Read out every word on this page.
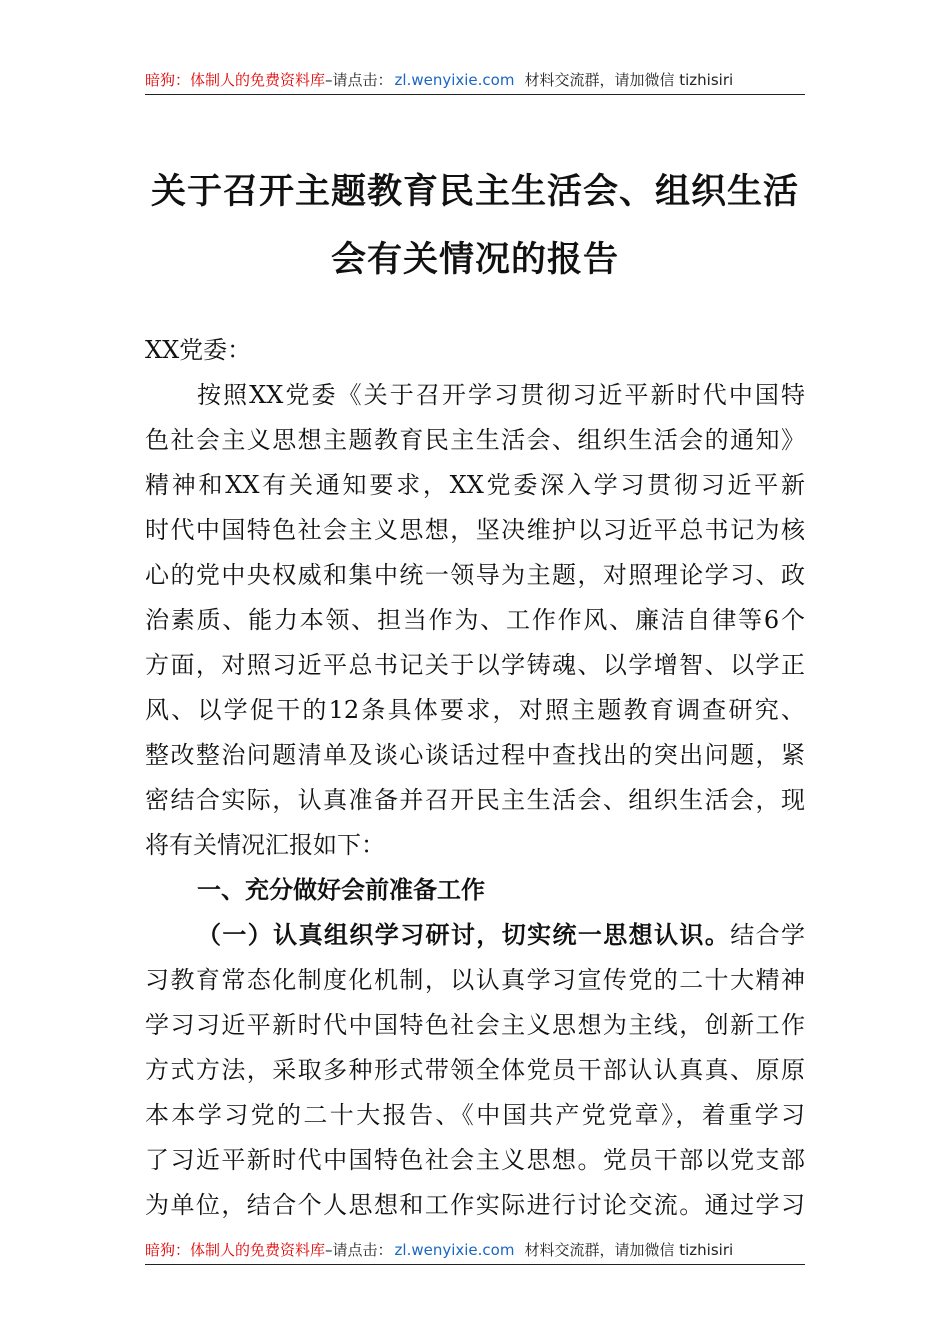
暗狗：体制人的免费资料库 –请点击： zl.wenyixie.com 材料交流群，请加微信 tizhisiri
关于召开主题教育民主生活会、组织生活
会有关情况的报告

XX党委：

按照XX党委《关于召开学习贯彻习近平新时代中国特

色社会主义思想主题教育民主生活会、组织生活会的通知》

精神和XX有关通知要求，XX党委深入学习贯彻习近平新

时代中国特色社会主义思想，坚决维护以习近平总书记为核

心的党中央权威和集中统一领导为主题，对照理论学习、政

治素质、能力本领、担当作为、工作作风、廉洁自律等6个

方面，对照习近平总书记关于以学铸魂、以学增智、以学正

风、以学促干的12条具体要求，对照主题教育调查研究、

整改整治问题清单及谈心谈话过程中查找出的突出问题，紧

密结合实际，认真准备并召开民主生活会、组织生活会，现

将有关情况汇报如下：

一、充分做好会前准备工作

（一）认真组织学习研讨，切实统一思想认识。结合学

习教育常态化制度化机制，以认真学习宣传党的二十大精神

学习习近平新时代中国特色社会主义思想为主线，创新工作

方式方法，采取多种形式带领全体党员干部认认真真、原原

本本学习党的二十大报告、《中国共产党党章》，着重学习

了习近平新时代中国特色社会主义思想。党员干部以党支部

为单位，结合个人思想和工作实际进行讨论交流。通过学习

暗狗：体制人的免费资料库 –请点击： zl.wenyixie.com 材料交流群，请加微信 tizhisiri
